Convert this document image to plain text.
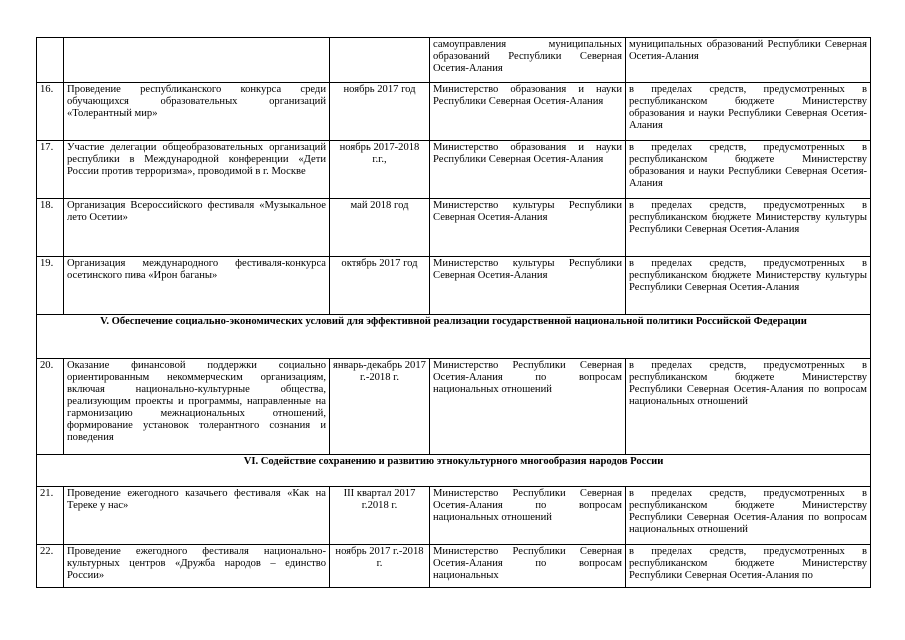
			самоуправления муниципальных образований Республики Северная Осетия-Алания	муниципальных образований Республики Северная Осетия-Алания
16.	Проведение республиканского конкурса среди обучающихся образовательных организаций «Толерантный мир»	ноябрь 2017 год	Министерство образования и науки Республики Северная Осетия-Алания	в пределах средств, предусмотренных в республиканском бюджете Министерству образования и науки Республики Северная Осетия-Алания
17.	Участие делегации общеобразовательных организаций республики в Международной конференции «Дети России против терроризма», проводимой в г. Москве	ноябрь 2017-2018 г.г.,	Министерство образования и науки Республики Северная Осетия-Алания	в пределах средств, предусмотренных в республиканском бюджете Министерству образования и науки Республики Северная Осетия-Алания
18.	Организация Всероссийского фестиваля «Музыкальное лето Осетии»	май 2018 год	Министерство культуры Республики Северная Осетия-Алания	в пределах средств, предусмотренных в республиканском бюджете Министерству культуры Республики Северная Осетия-Алания
19.	Организация международного фестиваля-конкурса осетинского пива «Ирон баганы»	октябрь 2017 год	Министерство культуры Республики Северная Осетия-Алания	в пределах средств, предусмотренных в республиканском бюджете Министерству культуры Республики Северная Осетия-Алания
V. Обеспечение социально-экономических условий для эффективной реализации государственной национальной политики Российской Федерации				
20.	Оказание финансовой поддержки социально ориентированным некоммерческим организациям, включая национально-культурные общества, реализующим проекты и программы, направленные на гармонизацию межнациональных отношений, формирование установок толерантного сознания и поведения	январь-декабрь 2017 г.-2018 г.	Министерство Республики Северная Осетия-Алания по вопросам национальных отношений	в пределах средств, предусмотренных в республиканском бюджете Министерству Республики Северная Осетия-Алания по вопросам национальных отношений
VI. Содействие сохранению и развитию этнокультурного многообразия народов России				
21.	Проведение ежегодного казачьего фестиваля «Как на Тереке у нас»	III квартал 2017 г.2018 г.	Министерство Республики Северная Осетия-Алания по вопросам национальных отношений	в пределах средств, предусмотренных в республиканском бюджете Министерству Республики Северная Осетия-Алания по вопросам национальных отношений
22.	Проведение ежегодного фестиваля национально-культурных центров «Дружба народов – единство России»	ноябрь 2017 г.-2018 г.	Министерство Республики Северная Осетия-Алания по вопросам национальных	в пределах средств, предусмотренных в республиканском бюджете Министерству Республики Северная Осетия-Алания по
